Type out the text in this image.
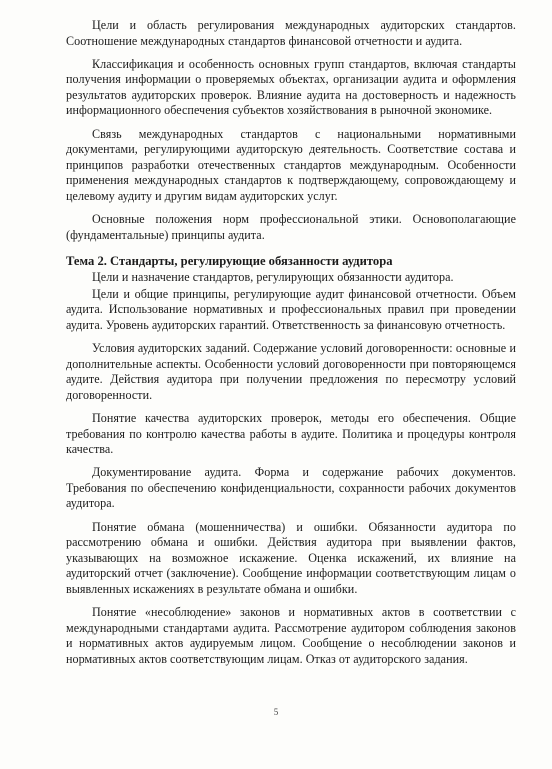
Цели и область регулирования международных аудиторских стандартов. Соотношение международных стандартов финансовой отчетности и аудита.

Классификация и особенность основных групп стандартов, включая стандарты получения информации о проверяемых объектах, организации аудита и оформления результатов аудиторских проверок. Влияние аудита на достоверность и надежность информационного обеспечения субъектов хозяйствования в рыночной экономике.

Связь международных стандартов с национальными нормативными документами, регулирующими аудиторскую деятельность. Соответствие состава и принципов разработки отечественных стандартов международным. Особенности применения международных стандартов к подтверждающему, сопровождающему и целевому аудиту и другим видам аудиторских услуг.

Основные положения норм профессиональной этики. Основополагающие (фундаментальные) принципы аудита.

Тема 2. Стандарты, регулирующие обязанности аудитора

Цели и назначение стандартов, регулирующих обязанности аудитора.

Цели и общие принципы, регулирующие аудит финансовой отчетности. Объем аудита. Использование нормативных и профессиональных правил при проведении аудита. Уровень аудиторских гарантий. Ответственность за финансовую отчетность.

Условия аудиторских заданий. Содержание условий договоренности: основные и дополнительные аспекты. Особенности условий договоренности при повторяющемся аудите. Действия аудитора при получении предложения по пересмотру условий договоренности.

Понятие качества аудиторских проверок, методы его обеспечения. Общие требования по контролю качества работы в аудите. Политика и процедуры контроля качества.

Документирование аудита. Форма и содержание рабочих документов. Требования по обеспечению конфиденциальности, сохранности рабочих документов аудитора.

Понятие обмана (мошенничества) и ошибки. Обязанности аудитора по рассмотрению обмана и ошибки. Действия аудитора при выявлении фактов, указывающих на возможное искажение. Оценка искажений, их влияние на аудиторский отчет (заключение). Сообщение информации соответствующим лицам о выявленных искажениях в результате обмана и ошибки.

Понятие «несоблюдение» законов и нормативных актов в соответствии с международными стандартами аудита. Рассмотрение аудитором соблюдения законов и нормативных актов аудируемым лицом. Сообщение о несоблюдении законов и нормативных актов соответствующим лицам. Отказ от аудиторского задания.

5
